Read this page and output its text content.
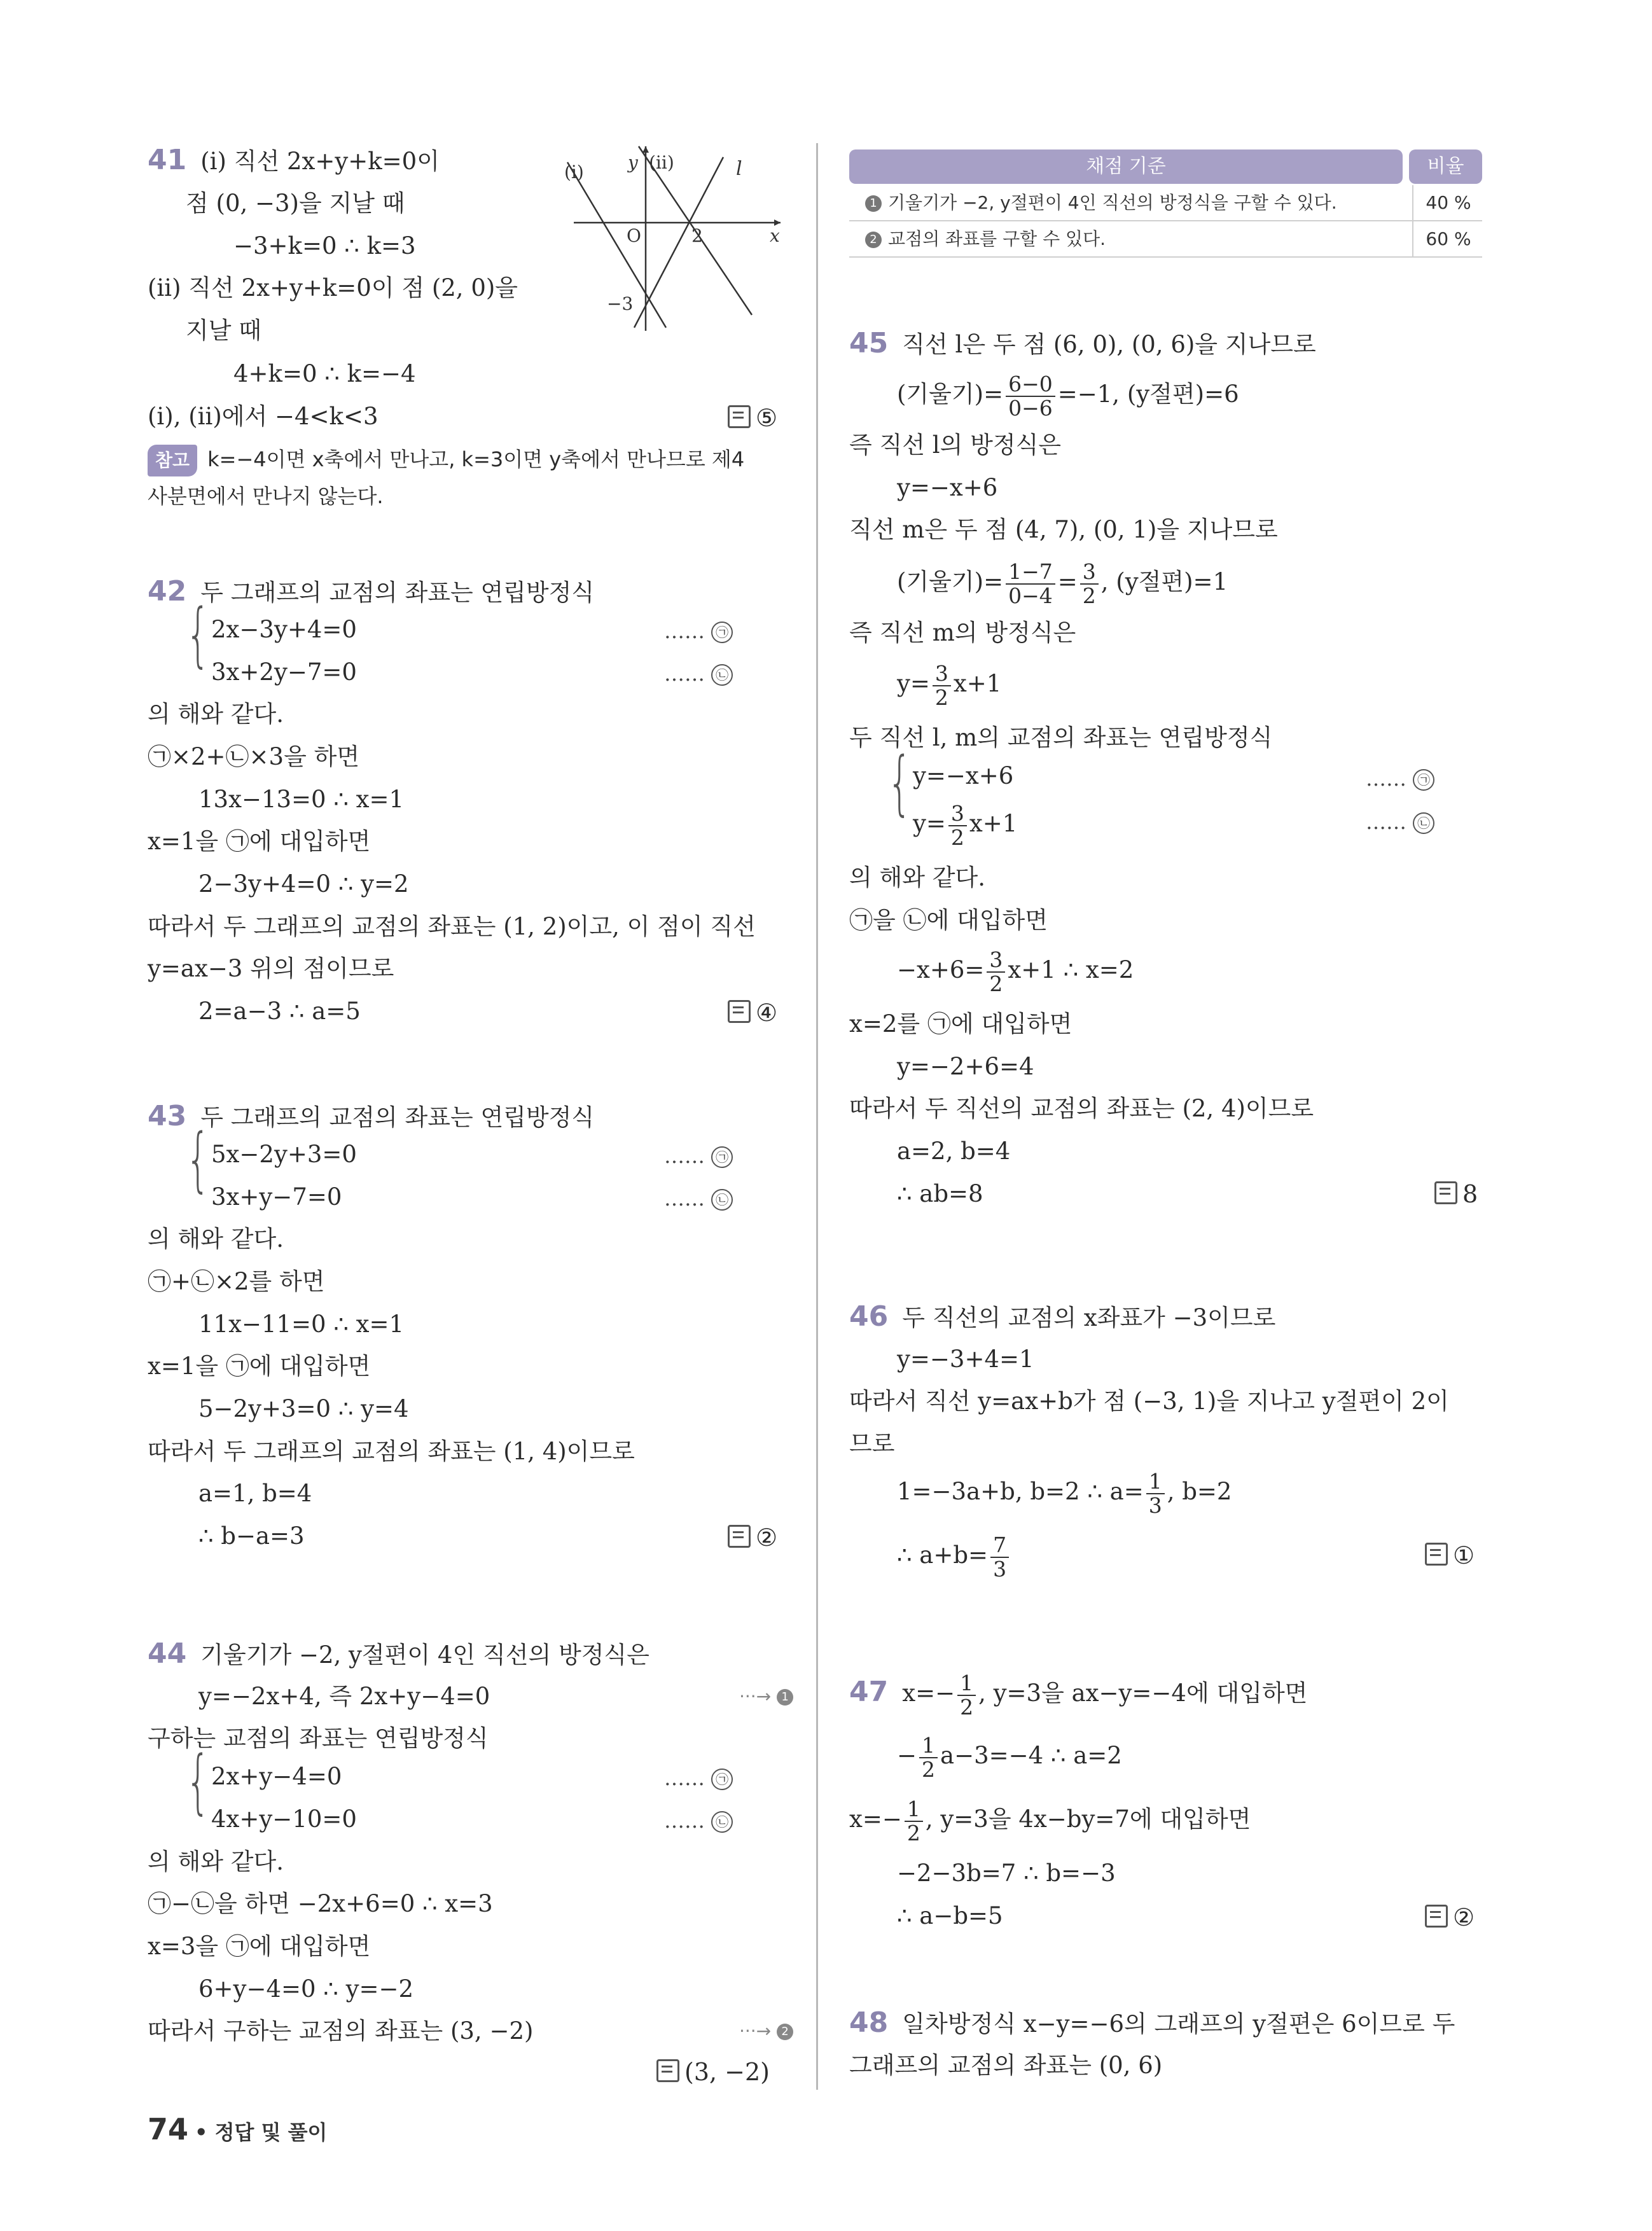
41 (ⅰ) 직선 2x+y+k=0이
점 (0, −3)을 지날 때
−3+k=0 ∴ k=3
(ⅱ) 직선 2x+y+k=0이 점 (2, 0)을
지날 때
4+k=0 ∴ k=−4
(ⅰ), (ⅱ)에서 −4<k<3	⑤
참고 k=−4이면 x축에서 만나고, k=3이면 y축에서 만나므로 제4
사분면에서 만나지 않는다.
(ⅰ) y (ⅱ)	l
O	x
2
−3
42 두 그래프의 교점의 좌표는 연립방정식
{ 2x−3y+4=0	…… ㉠
3x+2y−7=0	…… ㉡
의 해와 같다.
㉠×2+㉡×3을 하면
13x−13=0 ∴ x=1
x=1을 ㉠에 대입하면
2−3y+4=0 ∴ y=2
따라서 두 그래프의 교점의 좌표는 (1, 2)이고, 이 점이 직선
y=ax−3 위의 점이므로
2=a−3 ∴ a=5	④
43 두 그래프의 교점의 좌표는 연립방정식
{ 5x−2y+3=0	…… ㉠
3x+y−7=0	…… ㉡
의 해와 같다.
㉠+㉡×2를 하면
11x−11=0 ∴ x=1
x=1을 ㉠에 대입하면
5−2y+3=0 ∴ y=4
따라서 두 그래프의 교점의 좌표는 (1, 4)이므로
a=1, b=4
∴ b−a=3	②
44 기울기가 −2, y절편이 4인 직선의 방정식은
y=−2x+4, 즉 2x+y−4=0	···→ 1
구하는 교점의 좌표는 연립방정식
{ 2x+y−4=0	…… ㉠
4x+y−10=0	…… ㉡
의 해와 같다.
㉠−㉡을 하면 −2x+6=0 ∴ x=3
x=3을 ㉠에 대입하면
6+y−4=0 ∴ y=−2
따라서 구하는 교점의 좌표는 (3, −2)	···→ 2
(3, −2)
채점 기준	비율
1 기울기가 −2, y절편이 4인 직선의 방정식을 구할 수 있다.	40 %
2 교점의 좌표를 구할 수 있다.	60 %
45 직선 l은 두 점 (6, 0), (0, 6)을 지나므로
(기울기)= $\frac{6-0}{0-6} =-1$, (y절편)=6
즉 직선 l의 방정식은
y=−x+6
직선 m은 두 점 (4, 7), (0, 1)을 지나므로
(기울기)= $\frac{1-7}{0-4} = \frac{3}{2}$ , (y절편)=1
즉 직선 m의 방정식은
$y= \frac{3}{2} x+1$
두 직선 l, m의 교점의 좌표는 연립방정식
{ y=−x+6	…… ㉠
$y= \frac{3}{2} x+1$	…… ㉡
의 해와 같다.
㉠을 ㉡에 대입하면
$-x+6= \frac{3}{2} x+1$ ∴ x=2
x=2를 ㉠에 대입하면
y=−2+6=4
따라서 두 직선의 교점의 좌표는 (2, 4)이므로
a=2, b=4
∴ ab=8	8
46 두 직선의 교점의 x좌표가 −3이므로
y=−3+4=1
따라서 직선 y=ax+b가 점 (−3, 1)을 지나고 y절편이 2이
므로
1=−3a+b, b=2 ∴ $a= \frac{1}{3}$ , b=2
∴ $a+b= \frac{7}{3}$	①
47 $x=- \frac{1}{2}$ , y=3을 ax−y=−4에 대입하면
− $\frac{1}{2} a-3=-4$ ∴ a=2
$x=- \frac{1}{2}$ , y=3을 4x−by=7에 대입하면
−2−3b=7 ∴ b=−3
∴ a−b=5	②
48 일차방정식 x−y=−6의 그래프의 y절편은 6이므로 두
그래프의 교점의 좌표는 (0, 6)
74 • 정답 및 풀이
